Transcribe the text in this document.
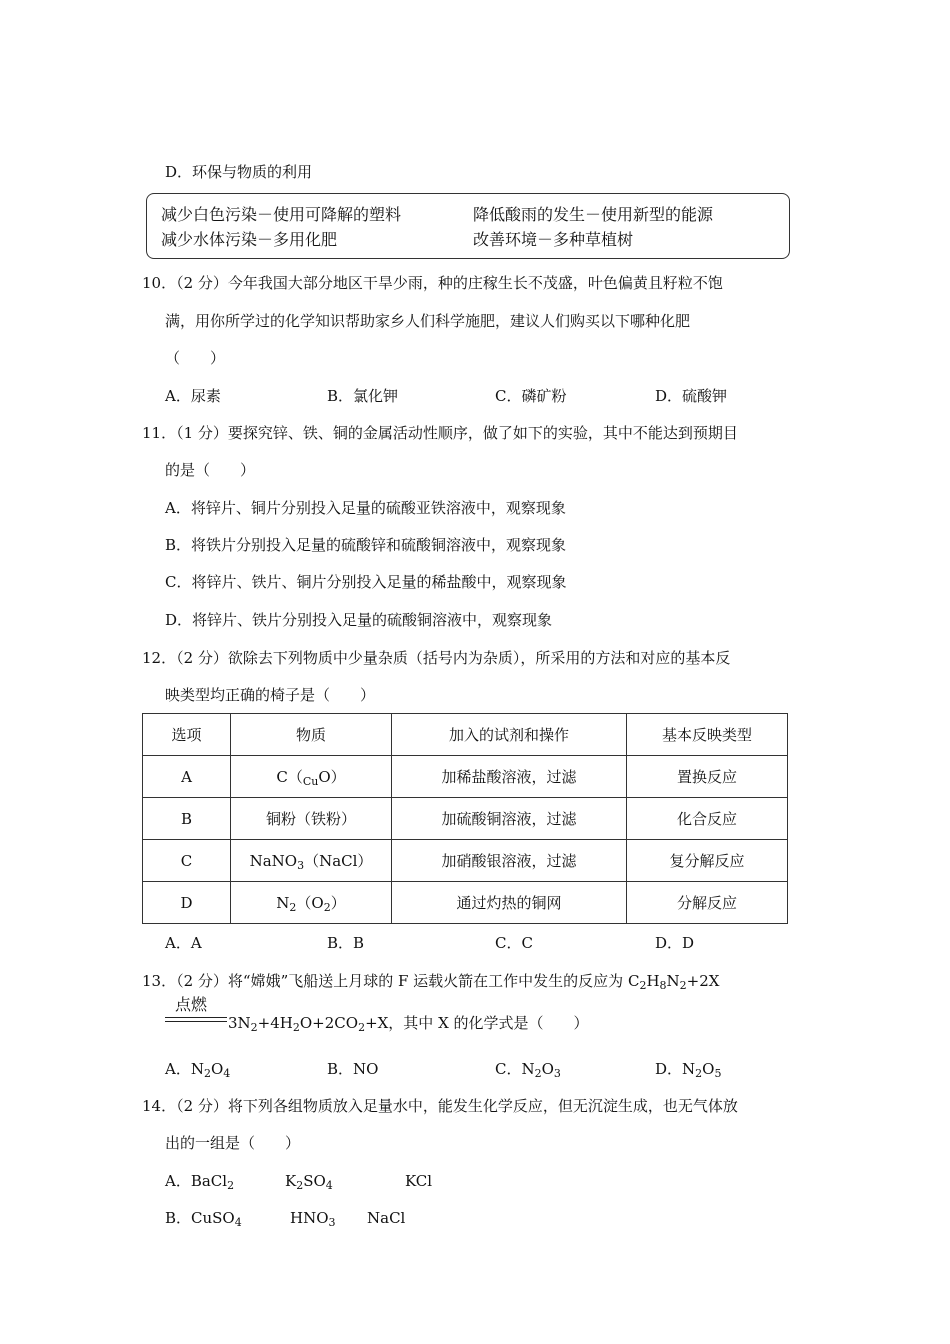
D．环保与物质的利用
减少白色污染－使用可降解的塑料	降低酸雨的发生－使用新型的能源
减少水体污染－多用化肥	改善环境－多种草植树
10．（2 分）今年我国大部分地区干旱少雨，种的庄稼生长不茂盛，叶色偏黄且籽粒不饱
满，用你所学过的化学知识帮助家乡人们科学施肥，建议人们购买以下哪种化肥
（　　）
A．尿素	B．氯化钾	C．磷矿粉	D．硫酸钾
11．（1 分）要探究锌、铁、铜的金属活动性顺序，做了如下的实验，其中不能达到预期目
的是（　　）
A．将锌片、铜片分别投入足量的硫酸亚铁溶液中，观察现象
B．将铁片分别投入足量的硫酸锌和硫酸铜溶液中，观察现象
C．将锌片、铁片、铜片分别投入足量的稀盐酸中，观察现象
D．将锌片、铁片分别投入足量的硫酸铜溶液中，观察现象
12．（2 分）欲除去下列物质中少量杂质（括号内为杂质），所采用的方法和对应的基本反
映类型均正确的椅子是（　　）
选项	物质	加入的试剂和操作	基本反映类型
A	$C(_{Cu}O)$	加稀盐酸溶液，过滤	置换反应
B	铜粉（铁粉）	加硫酸铜溶液，过滤	化合反应
C	NaNO$_3$（NaCl）	加硝酸银溶液，过滤	复分解反应
D	$N_2(O_2)$	通过灼热的铜网	分解反应
A．A	B．B	C．C	D．D
13．（2 分）将“嫦娥”飞船送上月球的 F 运载火箭在工作中发生的反应为 $C_2H_8N_2+2X$
点燃
$3N_2+4H_2O+2CO_2+X$，其中 X 的化学式是（　　）
A．$N_2O_4$	B．NO	C．$N_2O_3$	D．$N_2O_5$
14．（2 分）将下列各组物质放入足量水中，能发生化学反应，但无沉淀生成，也无气体放
出的一组是（　　）
A．BaCl$_2$	$K_2SO_4$	KCl
B．CuSO$_4$	$HNO_3$ NaCl
